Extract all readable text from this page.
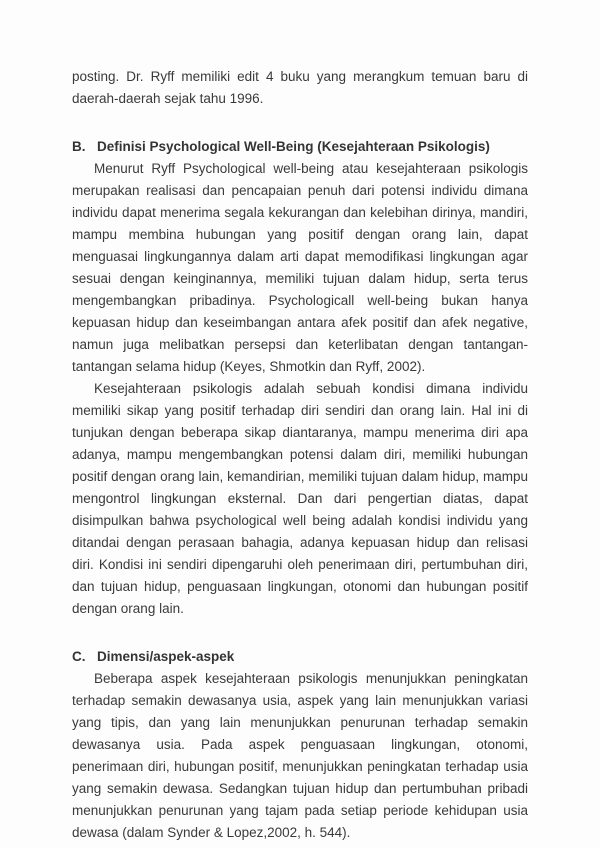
posting. Dr. Ryff memiliki edit 4 buku yang merangkum temuan baru di daerah-daerah sejak tahu 1996.

B. Definisi Psychological Well-Being (Kesejahteraan Psikologis)

Menurut Ryff Psychological well-being atau kesejahteraan psikologis merupakan realisasi dan pencapaian penuh dari potensi individu dimana individu dapat menerima segala kekurangan dan kelebihan dirinya, mandiri, mampu membina hubungan yang positif dengan orang lain, dapat menguasai lingkungannya dalam arti dapat memodifikasi lingkungan agar sesuai dengan keinginannya, memiliki tujuan dalam hidup, serta terus mengembangkan pribadinya. Psychologicall well-being bukan hanya kepuasan hidup dan keseimbangan antara afek positif dan afek negative, namun juga melibatkan persepsi dan keterlibatan dengan tantangan-tantangan selama hidup (Keyes, Shmotkin dan Ryff, 2002).

Kesejahteraan psikologis adalah sebuah kondisi dimana individu memiliki sikap yang positif terhadap diri sendiri dan orang lain. Hal ini di tunjukan dengan beberapa sikap diantaranya, mampu menerima diri apa adanya, mampu mengembangkan potensi dalam diri, memiliki hubungan positif dengan orang lain, kemandirian, memiliki tujuan dalam hidup, mampu mengontrol lingkungan eksternal. Dan dari pengertian diatas, dapat disimpulkan bahwa psychological well being adalah kondisi individu yang ditandai dengan perasaan bahagia, adanya kepuasan hidup dan relisasi diri. Kondisi ini sendiri dipengaruhi oleh penerimaan diri, pertumbuhan diri, dan tujuan hidup, penguasaan lingkungan, otonomi dan hubungan positif dengan orang lain.

C. Dimensi/aspek-aspek

Beberapa aspek kesejahteraan psikologis menunjukkan peningkatan terhadap semakin dewasanya usia, aspek yang lain menunjukkan variasi yang tipis, dan yang lain menunjukkan penurunan terhadap semakin dewasanya usia. Pada aspek penguasaan lingkungan, otonomi, penerimaan diri, hubungan positif, menunjukkan peningkatan terhadap usia yang semakin dewasa. Sedangkan tujuan hidup dan pertumbuhan pribadi menunjukkan penurunan yang tajam pada setiap periode kehidupan usia dewasa (dalam Synder & Lopez,2002, h. 544).
